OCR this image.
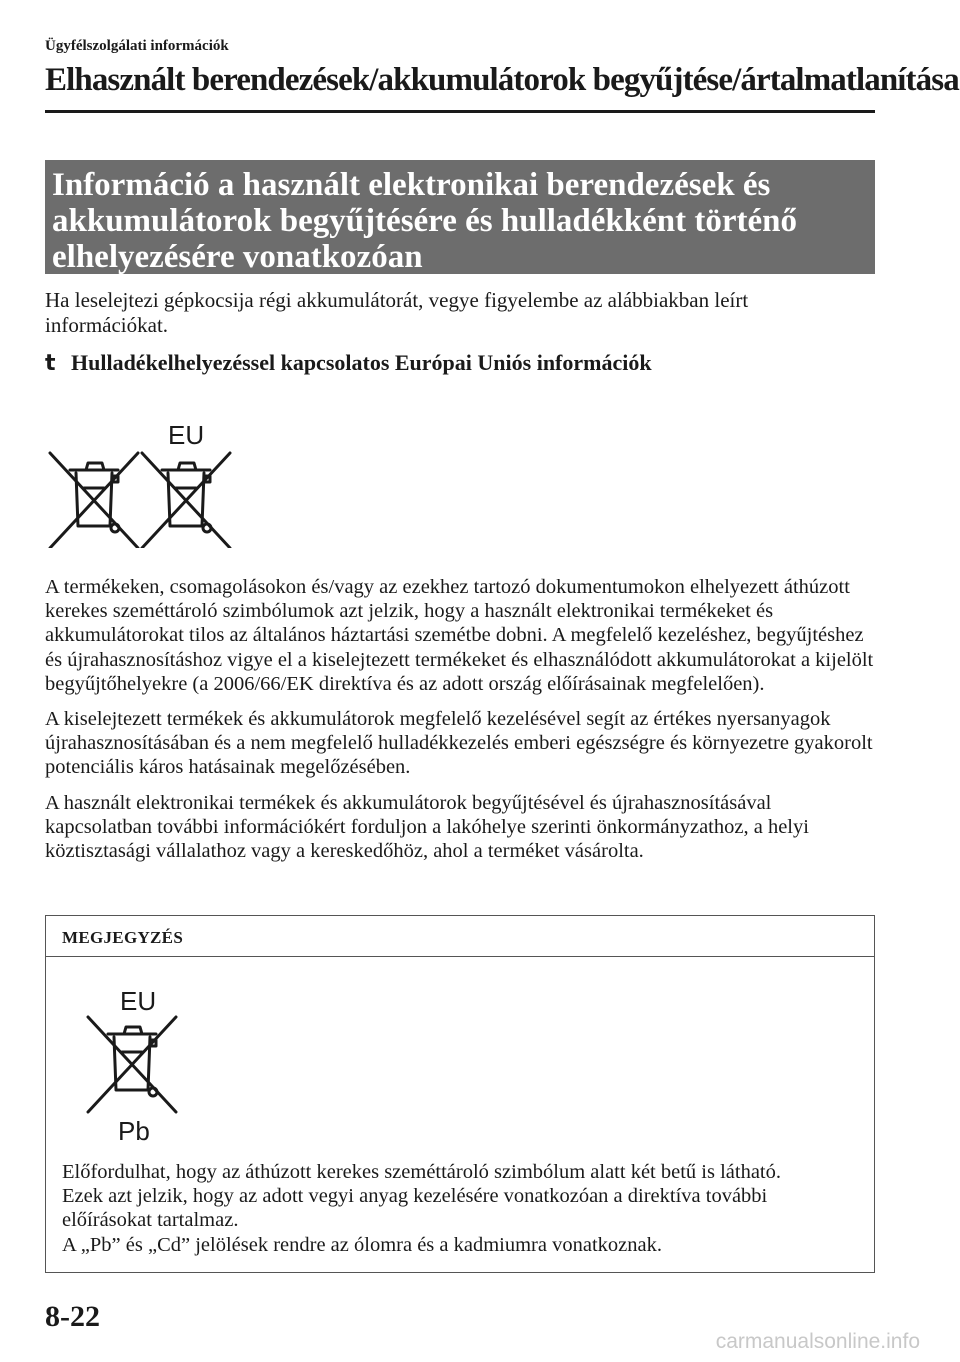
Ügyfélszolgálati információk
Elhasznált berendezések/akkumulátorok begyűjtése/ártalmatlanítása
Információ a használt elektronikai berendezések és
akkumulátorok begyűjtésére és hulladékként történő
elhelyezésére vonatkozóan
Ha leselejtezi gépkocsija régi akkumulátorát, vegye figyelembe az alábbiakban leírt információkat.
t Hulladékelhelyezéssel kapcsolatos Európai Uniós információk
EU

A termékeken, csomagolásokon és/vagy az ezekhez tartozó dokumentumokon elhelyezett áthúzott kerekes szeméttároló szimbólumok azt jelzik, hogy a használt elektronikai termékeket és akkumulátorokat tilos az általános háztartási szemétbe dobni. A megfelelő kezeléshez, begyűjtéshez és újrahasznosításhoz vigye el a kiselejtezett termékeket és elhasználódott akkumulátorokat a kijelölt begyűjtőhelyekre (a 2006/66/EK direktíva és az adott ország előírásainak megfelelően).

A kiselejtezett termékek és akkumulátorok megfelelő kezelésével segít az értékes nyersanyagok újrahasznosításában és a nem megfelelő hulladékkezelés emberi egészségre és környezetre gyakorolt potenciális káros hatásainak megelőzésében.

A használt elektronikai termékek és akkumulátorok begyűjtésével és újrahasznosításával kapcsolatban további információkért forduljon a lakóhelye szerinti önkormányzathoz, a helyi köztisztasági vállalathoz vagy a kereskedőhöz, ahol a terméket vásárolta.

MEGJEGYZÉS
EU
Pb
Előfordulhat, hogy az áthúzott kerekes szeméttároló szimbólum alatt két betű is látható.
Ezek azt jelzik, hogy az adott vegyi anyag kezelésére vonatkozóan a direktíva további
előírásokat tartalmaz.
A „Pb” és „Cd” jelölések rendre az ólomra és a kadmiumra vonatkoznak.
8-22
carmanualsonline.info
